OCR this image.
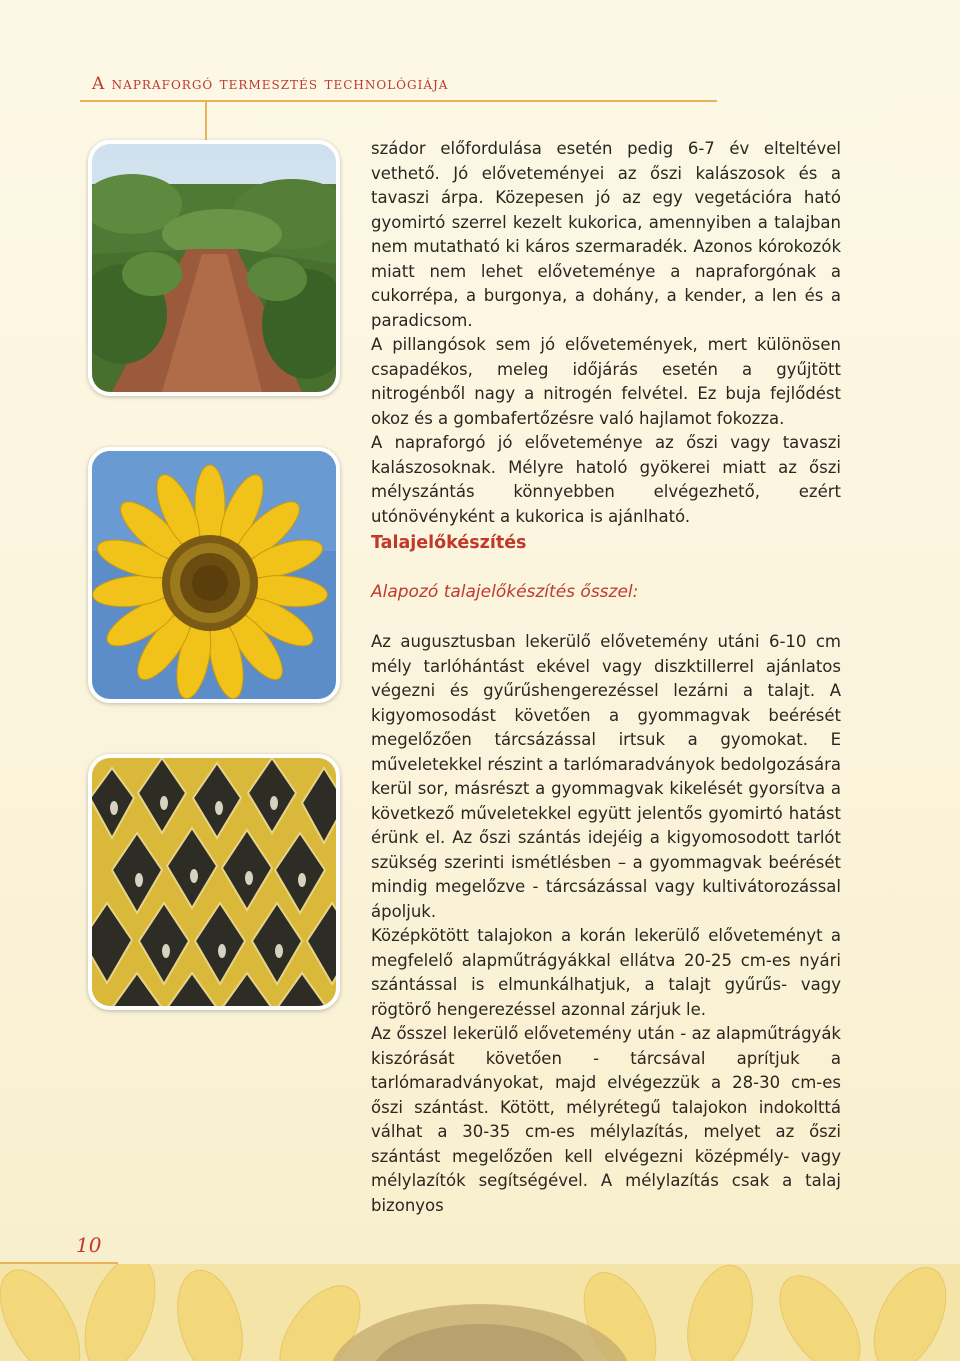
A napraforgó termesztés technológiája

szádor előfordulása esetén pedig 6-7 év elteltével vethető. Jó előveteményei az őszi kalászosok és a tavaszi árpa. Közepesen jó az egy vegetációra ható gyomirtó szerrel kezelt kukorica, amennyiben a talajban nem mutatható ki káros szermaradék. Azonos kórokozók miatt nem lehet előveteménye a napraforgónak a cukorrépa, a burgonya, a dohány, a kender, a len és a paradicsom.

A pillangósok sem jó elővetemények, mert különösen csapadékos, meleg időjárás esetén a gyűjtött nitrogénből nagy a nitrogén felvétel. Ez buja fejlődést okoz és a gombafertőzésre való hajlamot fokozza.

A napraforgó jó előveteménye az őszi vagy tavaszi kalászosoknak. Mélyre hatoló gyökerei miatt az őszi mélyszántás könnyebben elvégezhető, ezért utónövényként a kukorica is ajánlható.

Talajelőkészítés
Alapozó talajelőkészítés ősszel:

Az augusztusban lekerülő elővetemény utáni 6-10 cm mély tarlóhántást ekével vagy diszktillerrel ajánlatos végezni és gyűrűshengerezéssel lezárni a talajt. A kigyomosodást követően a gyommagvak beérését megelőzően tárcsázással irtsuk a gyomokat. E műveletekkel részint a tarlómaradványok bedolgozására kerül sor, másrészt a gyommagvak kikelését gyorsítva a következő műveletekkel együtt jelentős gyomirtó hatást érünk el. Az őszi szántás idejéig a kigyomosodott tarlót szükség szerinti ismétlésben – a gyommagvak beérését mindig megelőzve - tárcsázással vagy kultivátorozással ápoljuk.

Középkötött talajokon a korán lekerülő előveteményt a megfelelő alapműtrágyákkal ellátva 20-25 cm-es nyári szántással is elmunkálhatjuk, a talajt gyűrűs- vagy rögtörő hengerezéssel azonnal zárjuk le.

Az ősszel lekerülő elővetemény után - az alapműtrágyák kiszórását követően - tárcsával aprítjuk a tarlómaradványokat, majd elvégezzük a 28-30 cm-es őszi szántást. Kötött, mélyrétegű talajokon indokolttá válhat a 30-35 cm-es mélylazítás, melyet az őszi szántást megelőzően kell elvégezni középmély- vagy mélylazítók segítségével. A mélylazítás csak a talaj bizonyos

10
